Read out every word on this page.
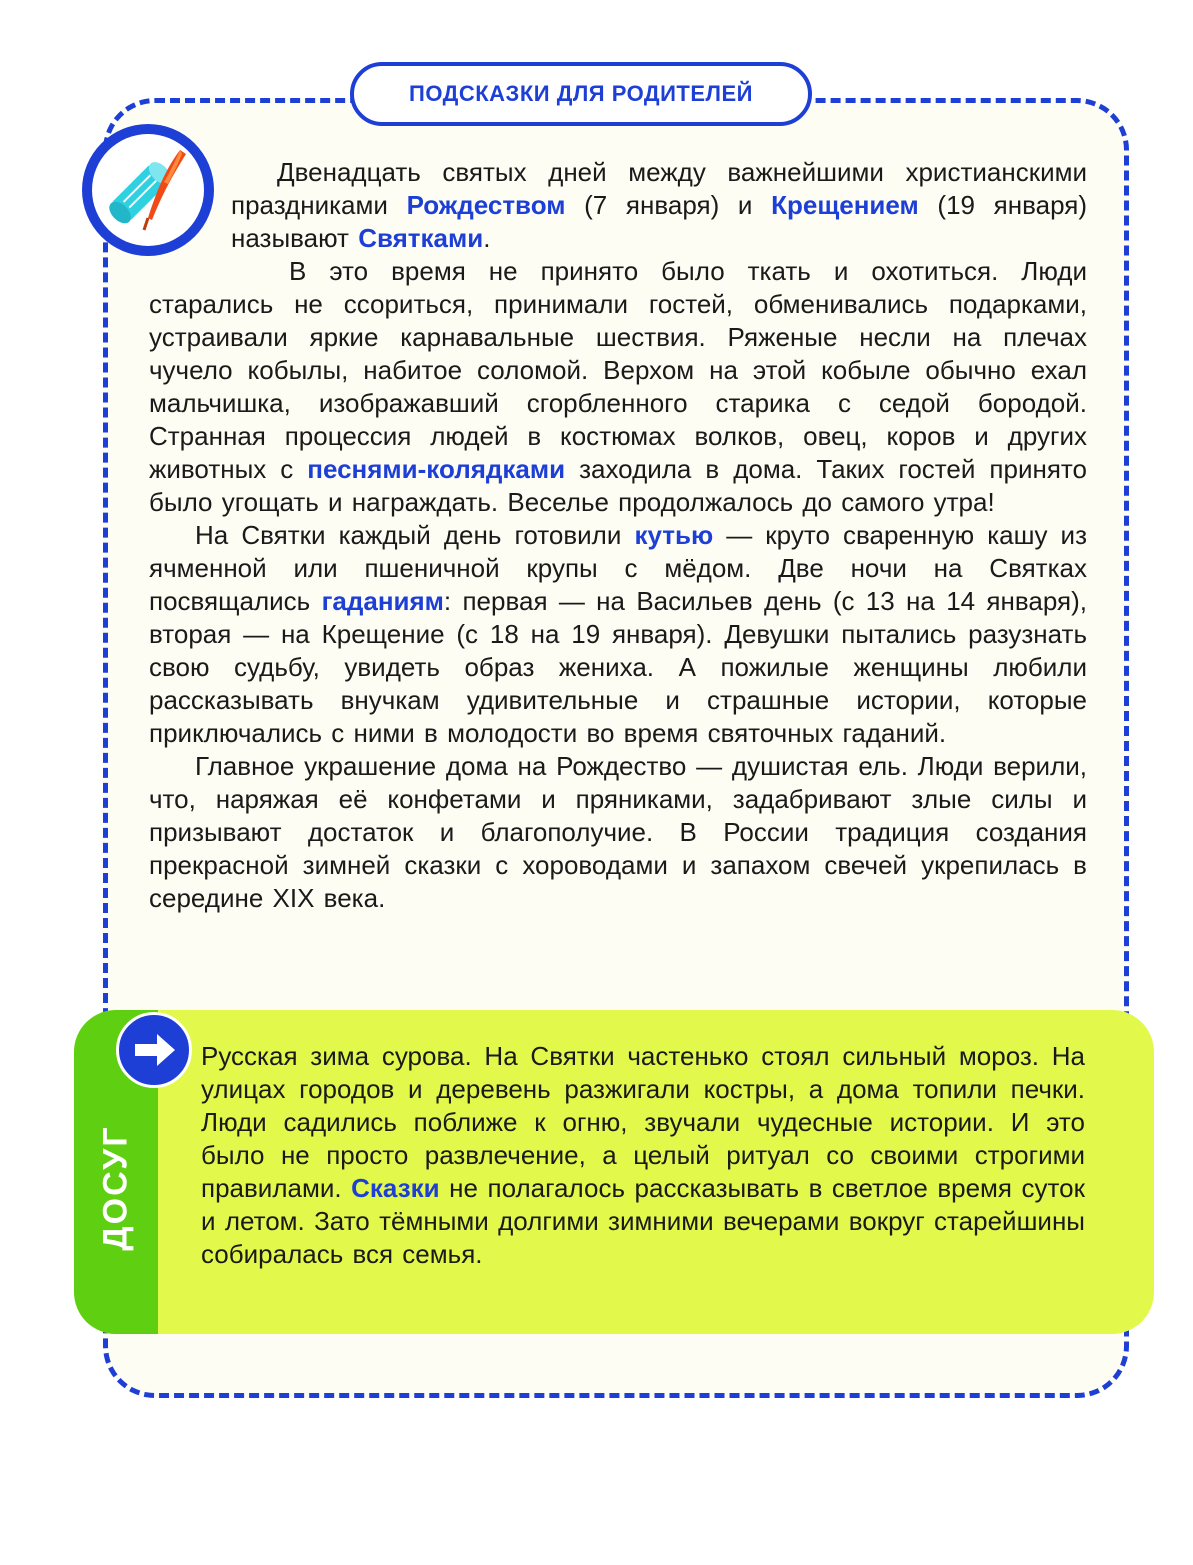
ПОДСКАЗКИ ДЛЯ РОДИТЕЛЕЙ

Двенадцать святых дней между важнейшими христианскими праздниками Рождеством (7 января) и Крещением (19 января) называют Святками.

В это время не принято было ткать и охотиться. Люди старались не ссориться, принимали гостей, обменивались подарками, устраивали яркие карнавальные шествия. Ряженые несли на плечах чучело кобылы, набитое соломой. Верхом на этой кобыле обычно ехал мальчишка, изображавший сгорбленного старика с седой бородой. Странная процессия людей в костюмах волков, овец, коров и других животных с песнями-колядками заходила в дома. Таких гостей принято было угощать и награждать. Веселье продолжалось до самого утра!

На Святки каждый день готовили кутью — круто сваренную кашу из ячменной или пшеничной крупы с мёдом. Две ночи на Святках посвящались гаданиям: первая — на Васильев день (с 13 на 14 января), вторая — на Крещение (с 18 на 19 января). Девушки пытались разузнать свою судьбу, увидеть образ жениха. А пожилые женщины любили рассказывать внучкам удивительные и страшные истории, которые приключались с ними в молодости во время святочных гаданий.

Главное украшение дома на Рождество — душистая ель. Люди верили, что, наряжая её конфетами и пряниками, задабривают злые силы и призывают достаток и благополучие. В России традиция создания прекрасной зимней сказки с хороводами и запахом свечей укрепилась в середине XIX века.

ДОСУГ

Русская зима сурова. На Святки частенько стоял сильный мороз. На улицах городов и деревень разжигали костры, а дома топили печки. Люди садились поближе к огню, звучали чудесные истории. И это было не просто развлечение, а целый ритуал со своими строгими правилами. Сказки не полагалось рассказывать в светлое время суток и летом. Зато тёмными долгими зимними вечерами вокруг старейшины собиралась вся семья.
